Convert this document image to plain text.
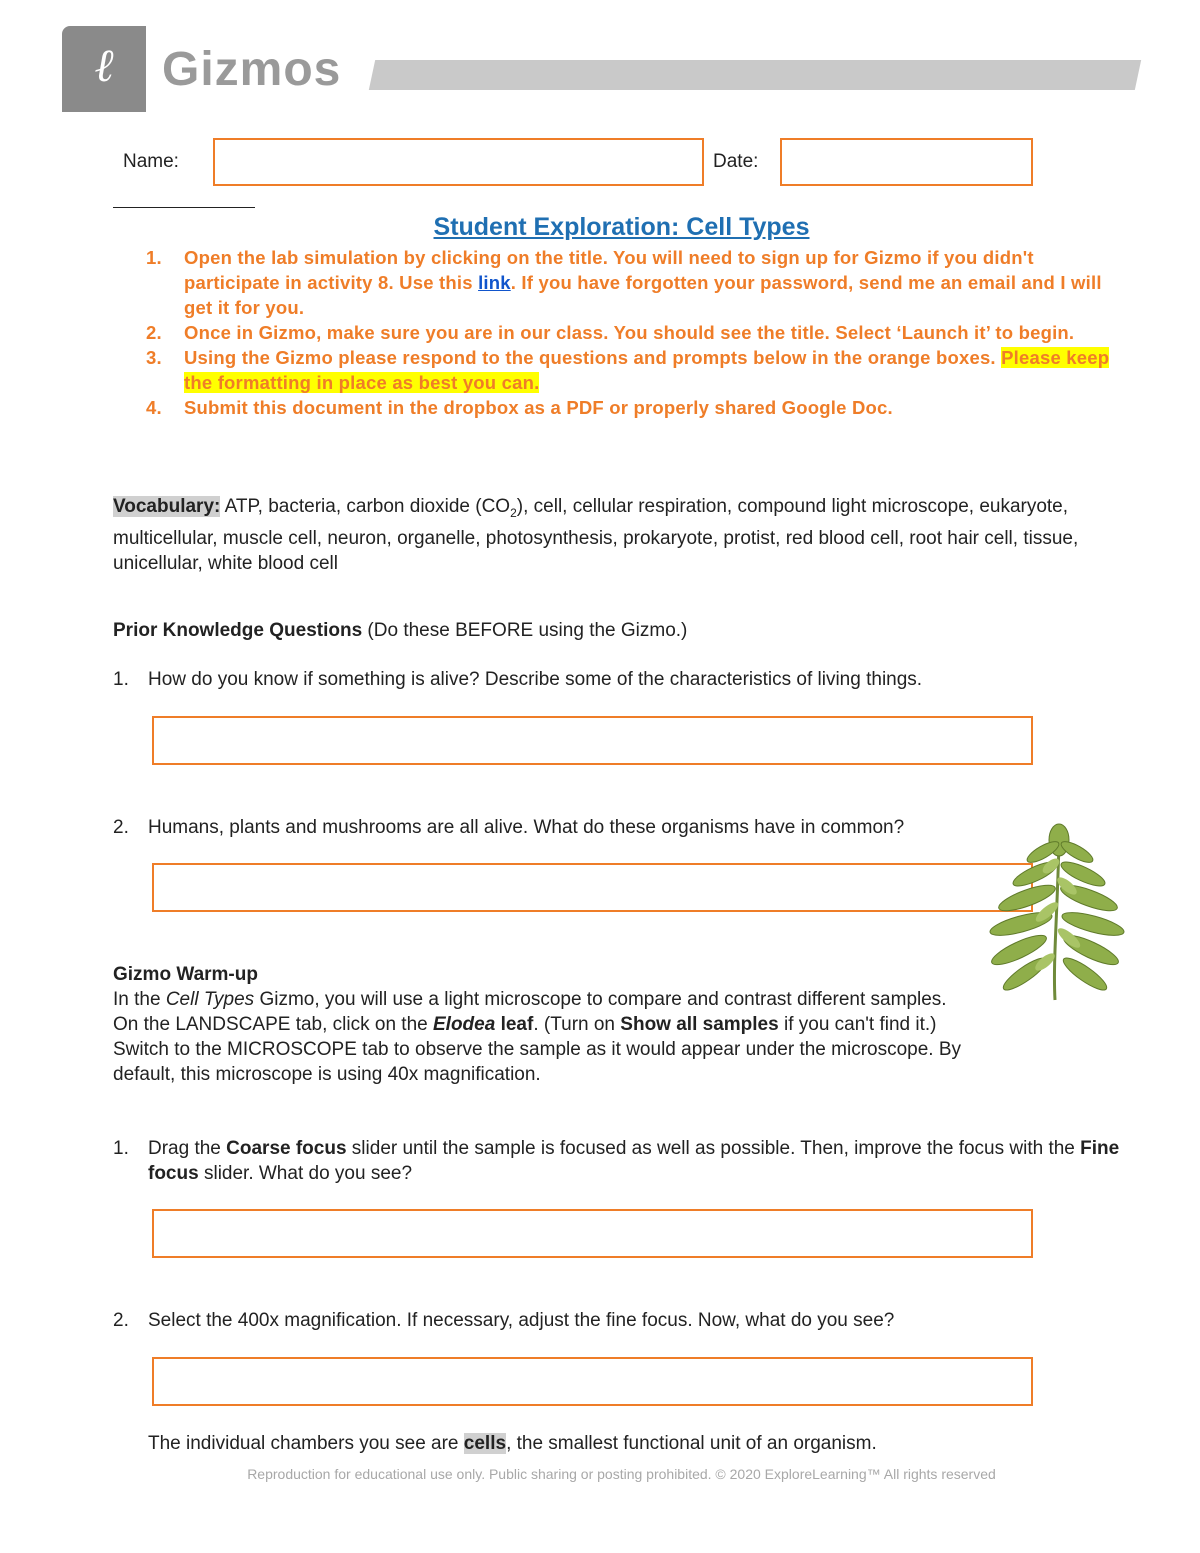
ℓ	Gizmos
Name:	Date:
Student Exploration: Cell Types
1. Open the lab simulation by clicking on the title. You will need to sign up for Gizmo if you didn't participate in activity 8. Use this link. If you have forgotten your password, send me an email and I will get it for you.
2. Once in Gizmo, make sure you are in our class. You should see the title. Select ‘Launch it’ to begin.
3. Using the Gizmo please respond to the questions and prompts below in the orange boxes. Please keep the formatting in place as best you can.
4. Submit this document in the dropbox as a PDF or properly shared Google Doc.
Vocabulary: ATP, bacteria, carbon dioxide $(CO_2)$, cell, cellular respiration, compound light microscope, eukaryote, multicellular, muscle cell, neuron, organelle, photosynthesis, prokaryote, protist, red blood cell, root hair cell, tissue, unicellular, white blood cell
Prior Knowledge Questions (Do these BEFORE using the Gizmo.)
1. How do you know if something is alive? Describe some of the characteristics of living things.
2. Humans, plants and mushrooms are all alive. What do these organisms have in common?
Gizmo Warm-up
In the Cell Types Gizmo, you will use a light microscope to compare and contrast different samples. On the LANDSCAPE tab, click on the Elodea leaf. (Turn on Show all samples if you can't find it.) Switch to the MICROSCOPE tab to observe the sample as it would appear under the microscope. By default, this microscope is using 40x magnification.
1. Drag the Coarse focus slider until the sample is focused as well as possible. Then, improve the focus with the Fine focus slider. What do you see?
2. Select the 400x magnification. If necessary, adjust the fine focus. Now, what do you see?
The individual chambers you see are cells, the smallest functional unit of an organism.
Reproduction for educational use only. Public sharing or posting prohibited. © 2020 ExploreLearning™ All rights reserved
